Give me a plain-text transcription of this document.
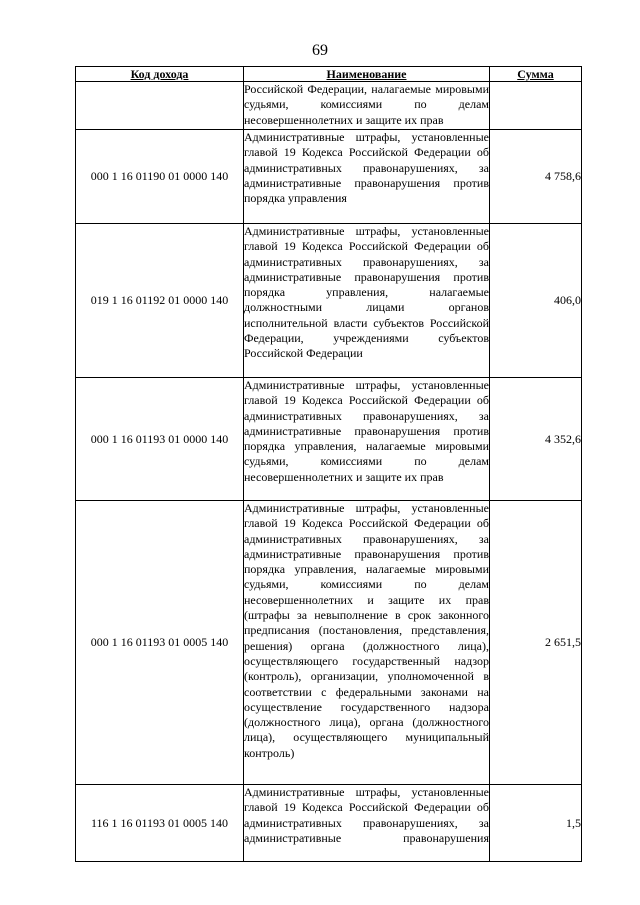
69
Код дохода	Наименование	Сумма
	Российской Федерации, налагаемые мировыми судьями, комиссиями по делам несовершеннолетних и защите их прав	
000 1 16 01190 01 0000 140	Административные штрафы, установленные главой 19 Кодекса Российской Федерации об административных правонарушениях, за административные правонарушения против порядка управления	4 758,6
019 1 16 01192 01 0000 140	Административные штрафы, установленные главой 19 Кодекса Российской Федерации об административных правонарушениях, за административные правонарушения против порядка управления, налагаемые должностными лицами органов исполнительной власти субъектов Российской Федерации, учреждениями субъектов Российской Федерации	406,0
000 1 16 01193 01 0000 140	Административные штрафы, установленные главой 19 Кодекса Российской Федерации об административных правонарушениях, за административные правонарушения против порядка управления, налагаемые мировыми судьями, комиссиями по делам несовершеннолетних и защите их прав	4 352,6
000 1 16 01193 01 0005 140	Административные штрафы, установленные главой 19 Кодекса Российской Федерации об административных правонарушениях, за административные правонарушения против порядка управления, налагаемые мировыми судьями, комиссиями по делам несовершеннолетних и защите их прав (штрафы за невыполнение в срок законного предписания (постановления, представления, решения) органа (должностного лица), осуществляющего государственный надзор (контроль), организации, уполномоченной в соответствии с федеральными законами на осуществление государственного надзора (должностного лица), органа (должностного лица), осуществляющего муниципальный контроль)	2 651,5
116 1 16 01193 01 0005 140	Административные штрафы, установленные главой 19 Кодекса Российской Федерации об административных правонарушениях, за административные правонарушения	1,5
